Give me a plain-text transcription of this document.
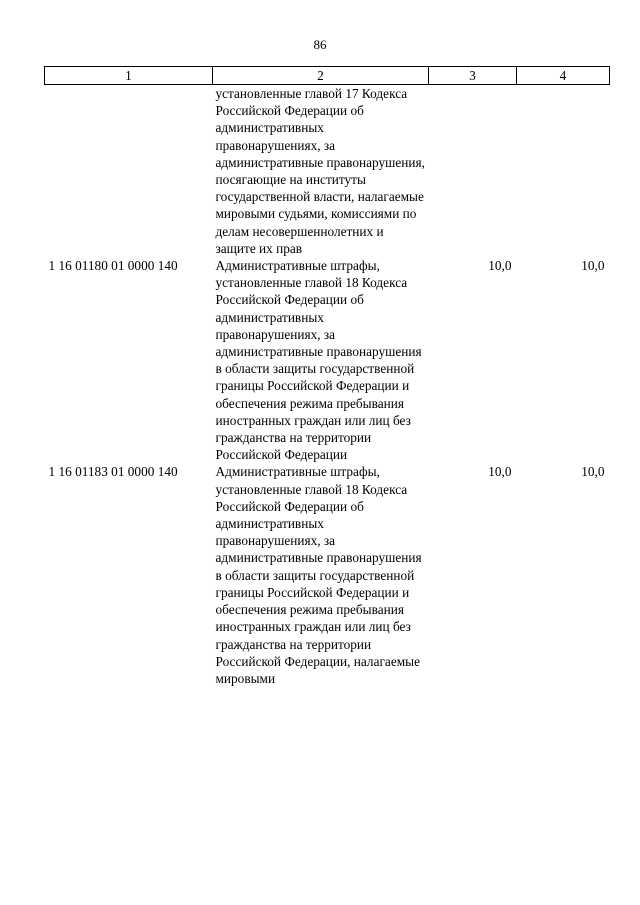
86
1	2	3	4
	установленные главой 17 Кодекса Российской Федерации об административных правонарушениях, за административные правонарушения, посягающие на институты государственной власти, налагаемые мировыми судьями, комиссиями по делам несовершеннолетних и защите их прав		
1 16 01180 01 0000 140	Административные штрафы, установленные главой 18 Кодекса Российской Федерации об административных правонарушениях, за административные правонарушения в области защиты государственной границы Российской Федерации и обеспечения режима пребывания иностранных граждан или лиц без гражданства на территории Российской Федерации	10,0	10,0
1 16 01183 01 0000 140	Административные штрафы, установленные главой 18 Кодекса Российской Федерации об административных правонарушениях, за административные правонарушения в области защиты государственной границы Российской Федерации и обеспечения режима пребывания иностранных граждан или лиц без гражданства на территории Российской Федерации, налагаемые мировыми	10,0	10,0
